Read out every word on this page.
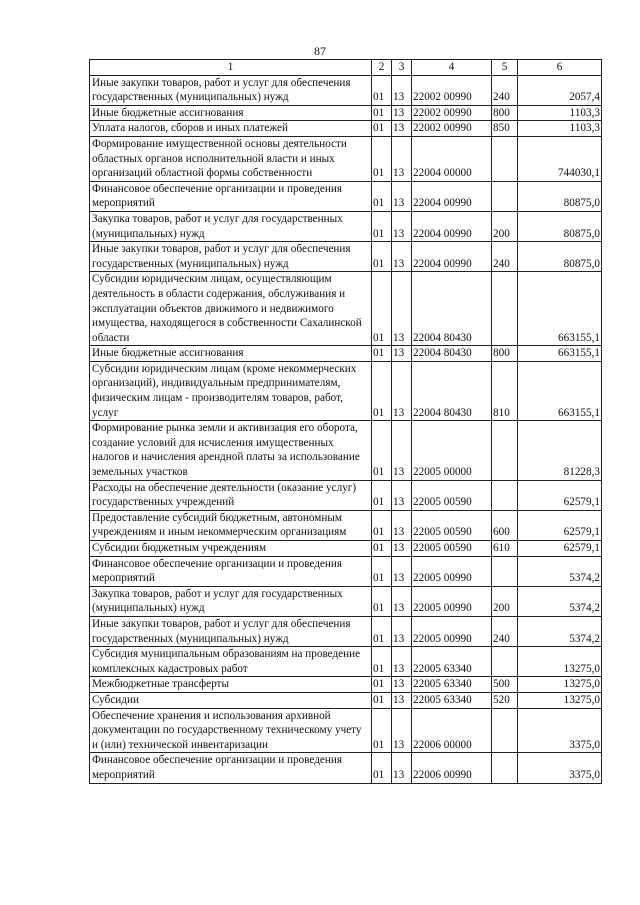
87
1	2	3	4	5	6
Иные закупки товаров, работ и услуг для обеспечения государственных (муниципальных) нужд	01	13	22002 00990	240	2057,4
Иные бюджетные ассигнования	01	13	22002 00990	800	1103,3
Уплата налогов, сборов и иных платежей	01	13	22002 00990	850	1103,3
Формирование имущественной основы деятельности областных органов исполнительной власти и иных организаций областной формы собственности	01	13	22004 00000		744030,1
Финансовое обеспечение организации и проведения мероприятий	01	13	22004 00990		80875,0
Закупка товаров, работ и услуг для государственных (муниципальных) нужд	01	13	22004 00990	200	80875,0
Иные закупки товаров, работ и услуг для обеспечения государственных (муниципальных) нужд	01	13	22004 00990	240	80875,0
Субсидии юридическим лицам, осуществляющим деятельность в области содержания, обслуживания и эксплуатации объектов движимого и недвижимого имущества, находящегося в собственности Сахалинской области	01	13	22004 80430		663155,1
Иные бюджетные ассигнования	01	13	22004 80430	800	663155,1
Субсидии юридическим лицам (кроме некоммерческих организаций), индивидуальным предпринимателям, физическим лицам - производителям товаров, работ, услуг	01	13	22004 80430	810	663155,1
Формирование рынка земли и активизация его оборота, создание условий для исчисления имущественных налогов и начисления арендной платы за использование земельных участков	01	13	22005 00000		81228,3
Расходы на обеспечение деятельности (оказание услуг) государственных учреждений	01	13	22005 00590		62579,1
Предоставление субсидий бюджетным, автономным учреждениям и иным некоммерческим организациям	01	13	22005 00590	600	62579,1
Субсидии бюджетным учреждениям	01	13	22005 00590	610	62579,1
Финансовое обеспечение организации и проведения мероприятий	01	13	22005 00990		5374,2
Закупка товаров, работ и услуг для государственных (муниципальных) нужд	01	13	22005 00990	200	5374,2
Иные закупки товаров, работ и услуг для обеспечения государственных (муниципальных) нужд	01	13	22005 00990	240	5374,2
Субсидия муниципальным образованиям на проведение комплексных кадастровых работ	01	13	22005 63340		13275,0
Межбюджетные трансферты	01	13	22005 63340	500	13275,0
Субсидии	01	13	22005 63340	520	13275,0
Обеспечение хранения и использования архивной документации по государственному техническому учету и (или) технической инвентаризации	01	13	22006 00000		3375,0
Финансовое обеспечение организации и проведения мероприятий	01	13	22006 00990		3375,0
